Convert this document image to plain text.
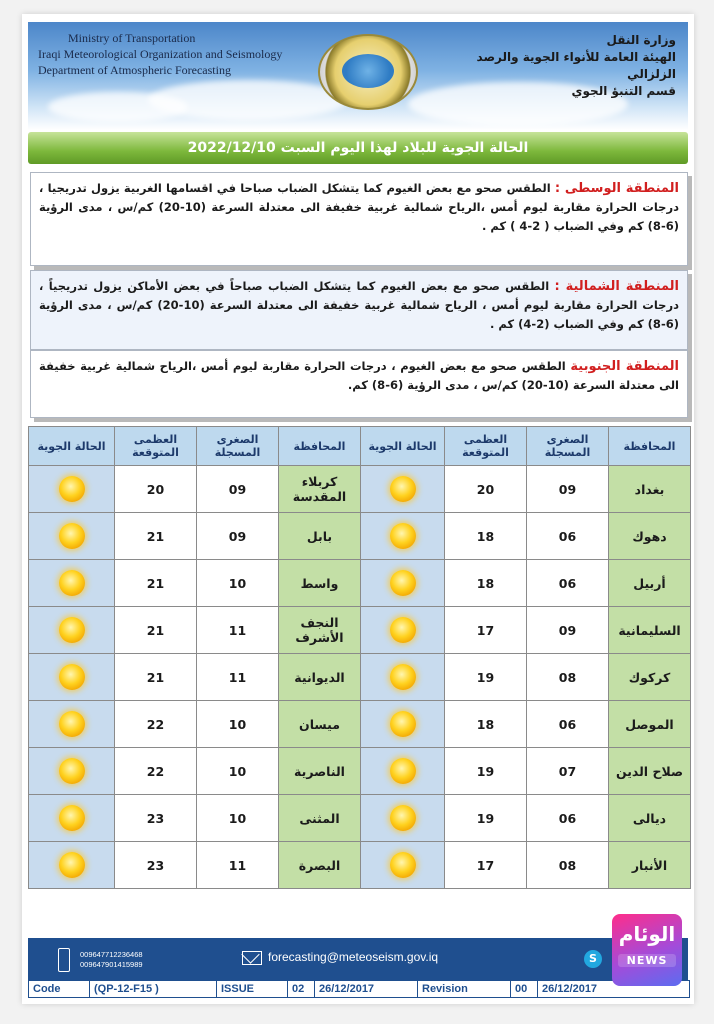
Ministry of Transportation
Iraqi Meteorological Organization and Seismology
Department of Atmospheric Forecasting
وزارة النقل
الهيئة العامة للأنواء الجوية والرصد الزلزالي
قسم التنبؤ الجوي
الحالة الجوية للبلاد لهذا اليوم السبت 2022/12/10
المنطقة الوسطى : الطقس صحو مع بعض الغيوم كما يتشكل الضباب صباحا في اقسامها الغربية يزول تدريجيا ، درجات الحرارة مقاربة ليوم أمس ،الرياح شمالية غربية خفيفة الى معتدلة السرعة (10-20) كم/س ، مدى الرؤية (6-8) كم وفي الضباب ( 2-4 ) كم .
المنطقة الشمالية : الطقس صحو مع بعض الغيوم كما يتشكل الضباب صباحاً في بعض الأماكن يزول تدريجياً ، درجات الحرارة مقاربة ليوم أمس ، الرياح شمالية غربية خفيفة الى معتدلة السرعة (10-20) كم/س ، مدى الرؤية (6-8) كم وفي الضباب (2-4) كم .
المنطقة الجنوبية الطقس صحو مع بعض الغيوم ، درجات الحرارة مقاربة ليوم أمس ،الرياح شمالية غربية خفيفة الى معتدلة السرعة (10-20) كم/س ، مدى الرؤية (6-8) كم.
المحافظة	الصغرى المسجلة	العظمى المتوقعة	الحالة الجوية	المحافظة	الصغرى المسجلة	العظمى المتوقعة	الحالة الجوية
بغداد	09	20		كربلاء المقدسة	09	20	
دهوك	06	18		بابل	09	21	
أربيل	06	18		واسط	10	21	
السليمانية	09	17		النجف الأشرف	11	21	
كركوك	08	19		الديوانية	11	21	
الموصل	06	18		ميسان	10	22	
صلاح الدين	07	19		الناصرية	10	22	
ديالى	06	19		المثنى	10	23	
الأنبار	08	17		البصرة	11	23	
009647712236468
009647901415989
forecasting@meteoseism.gov.iq	S
Code	(QP-12-F15 )	ISSUE	02	26/12/2017	Revision	00	26/12/2017
الوئام
NEWS
